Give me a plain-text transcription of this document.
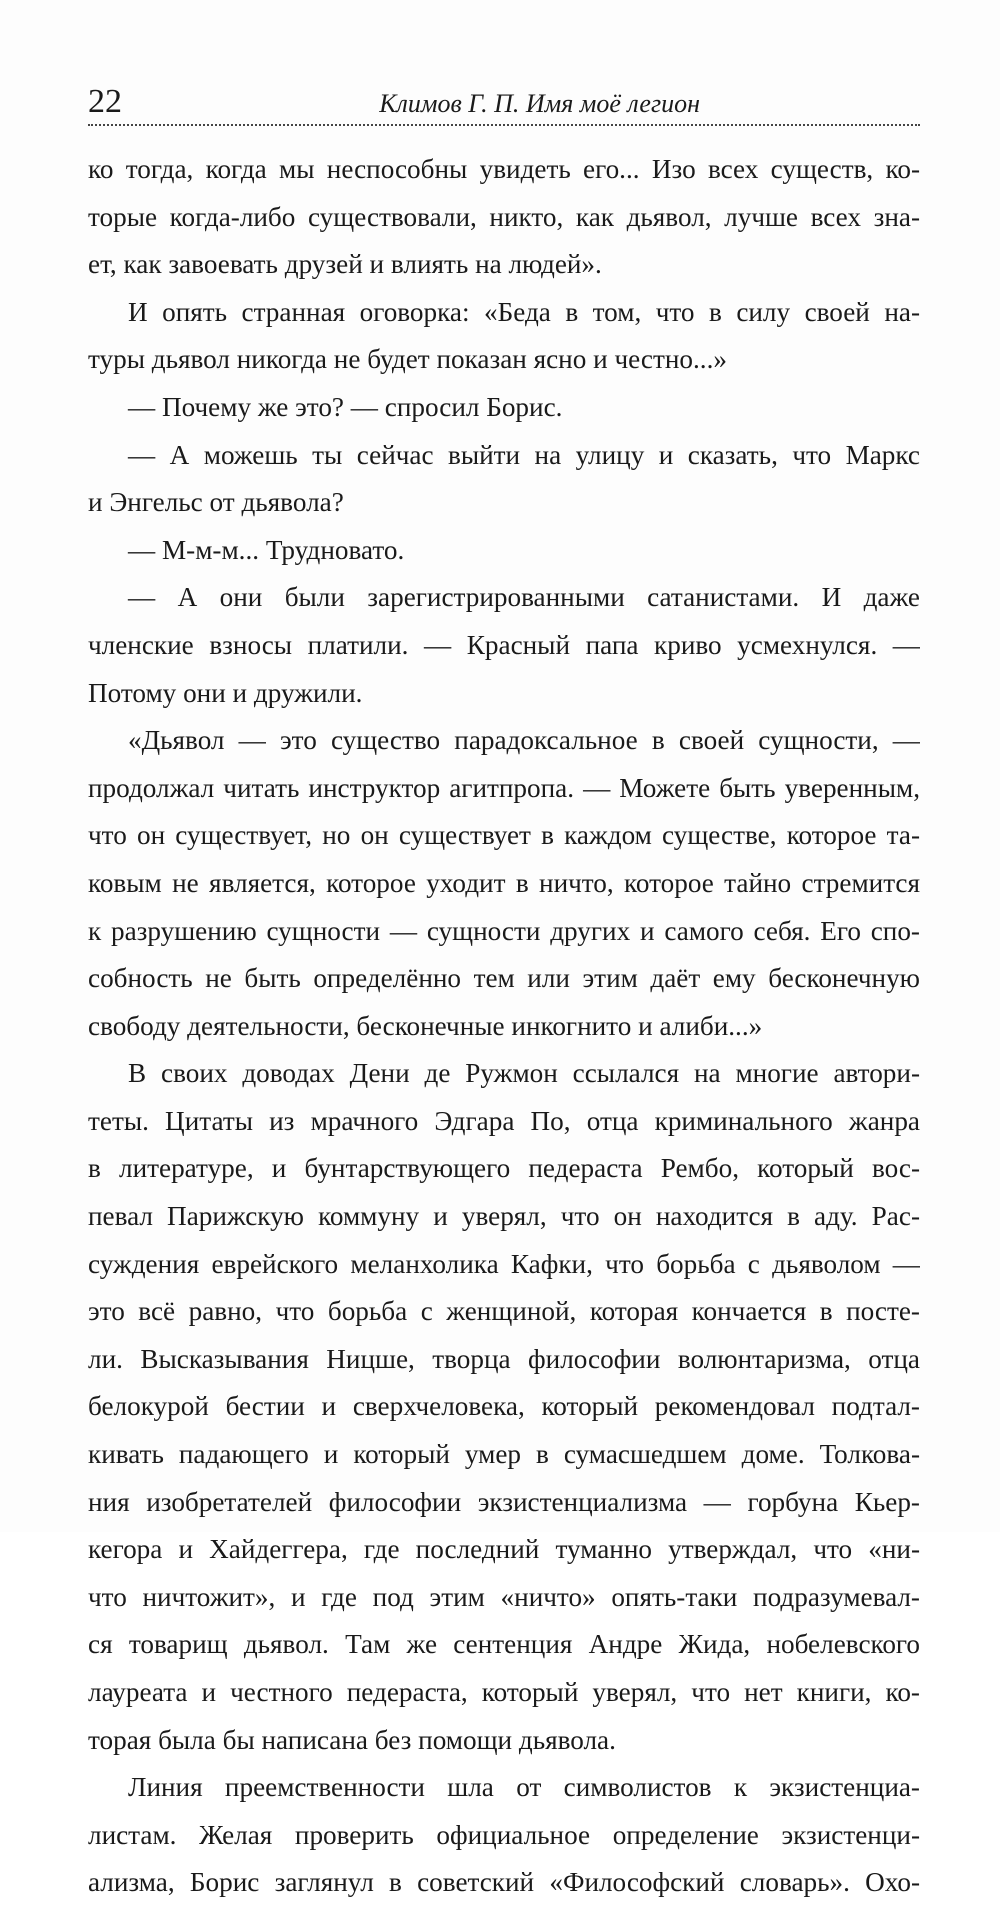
22	Климов Г. П. Имя моё легион
ко тогда, когда мы неспособны увидеть его... Изо всех существ, ко-
торые когда-либо существовали, никто, как дьявол, лучше всех зна-
ет, как завоевать друзей и влиять на людей».
И опять странная оговорка: «Беда в том, что в силу своей на-
туры дьявол никогда не будет показан ясно и честно...»
— Почему же это? — спросил Борис.
— А можешь ты сейчас выйти на улицу и сказать, что Маркс
и Энгельс от дьявола?
— М-м-м... Трудновато.
— А они были зарегистрированными сатанистами. И даже
членские взносы платили. — Красный папа криво усмехнулся. —
Потому они и дружили.
«Дьявол — это существо парадоксальное в своей сущности, —
продолжал читать инструктор агитпропа. — Можете быть уверенным,
что он существует, но он существует в каждом существе, которое та-
ковым не является, которое уходит в ничто, которое тайно стремится
к разрушению сущности — сущности других и самого себя. Его спо-
собность не быть определённо тем или этим даёт ему бесконечную
свободу деятельности, бесконечные инкогнито и алиби...»
В своих доводах Дени де Ружмон ссылался на многие автори-
теты. Цитаты из мрачного Эдгара По, отца криминального жанра
в литературе, и бунтарствующего педераста Рембо, который вос-
певал Парижскую коммуну и уверял, что он находится в аду. Рас-
суждения еврейского меланхолика Кафки, что борьба с дьяволом —
это всё равно, что борьба с женщиной, которая кончается в посте-
ли. Высказывания Ницше, творца философии волюнтаризма, отца
белокурой бестии и сверхчеловека, который рекомендовал подтал-
кивать падающего и который умер в сумасшедшем доме. Толкова-
ния изобретателей философии экзистенциализма — горбуна Кьер-
кегора и Хайдеггера, где последний туманно утверждал, что «ни-
что ничтожит», и где под этим «ничто» опять-таки подразумевал-
ся товарищ дьявол. Там же сентенция Андре Жида, нобелевского
лауреата и честного педераста, который уверял, что нет книги, ко-
торая была бы написана без помощи дьявола.
Линия преемственности шла от символистов к экзистенциа-
листам. Желая проверить официальное определение экзистенци-
ализма, Борис заглянул в советский «Философский словарь». Охо-
